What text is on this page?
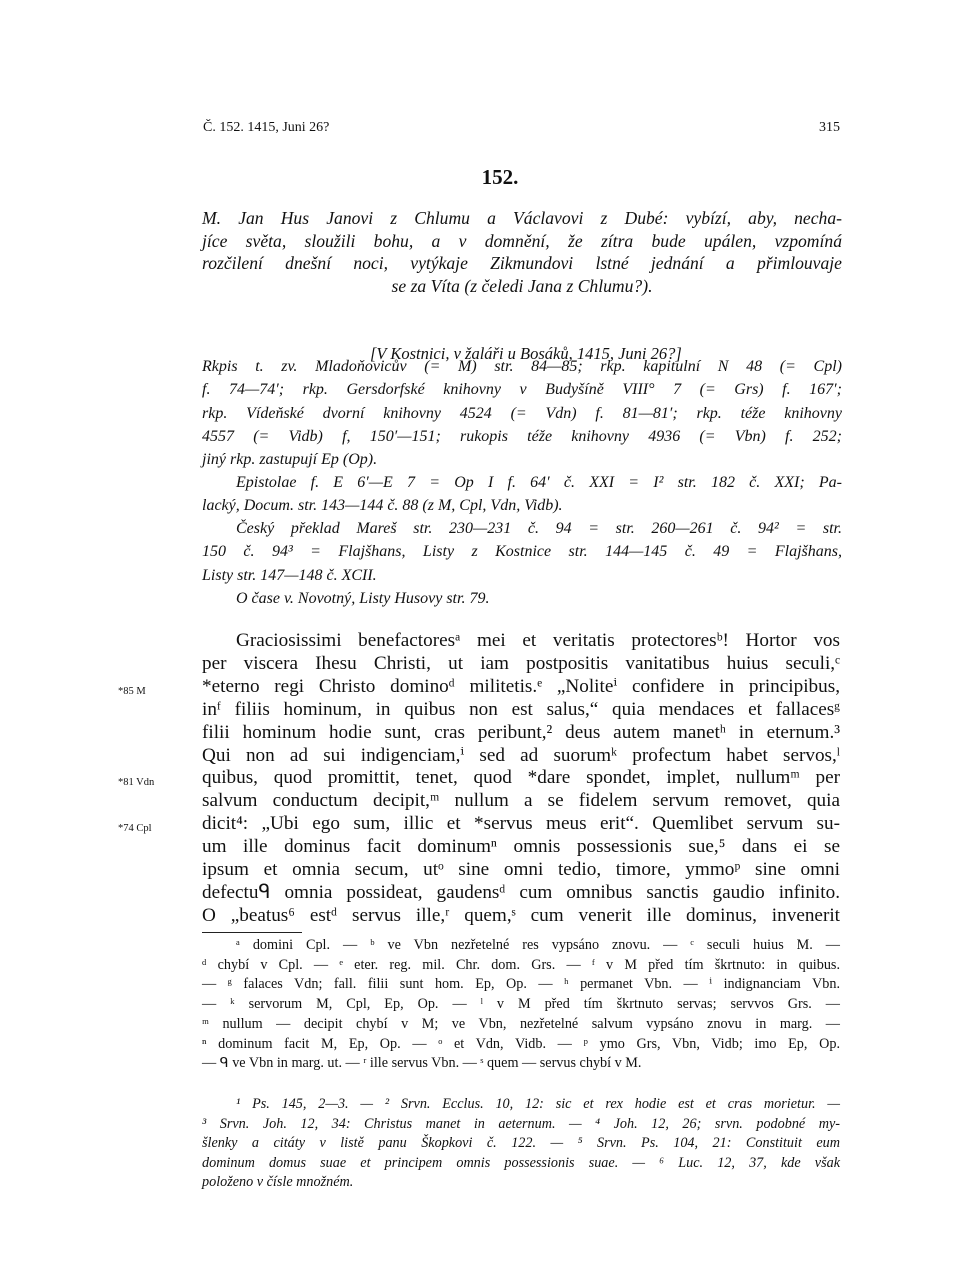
Č. 152. 1415, Juni 26?	315
152.
M. Jan Hus Janovi z Chlumu a Václavovi z Dubé: vybízí, aby, necha-
jíce světa, sloužili bohu, a v domnění, že zítra bude upálen, vzpomíná
rozčilení dnešní noci, vytýkaje Zikmundovi lstné jednání a přimlouvaje
se za Víta (z čeledi Jana z Chlumu?).
[V Kostnici, v žaláři u Bosáků, 1415, Juni 26?]
Rkpis t. zv. Mladoňovicův (= M) str. 84—85; rkp. kapitulní N 48 (= Cpl)
f. 74—74′; rkp. Gersdorfské knihovny v Budyšíně VIII° 7 (= Grs) f. 167′;
rkp. Vídeňské dvorní knihovny 4524 (= Vdn) f. 81—81′; rkp. téže knihovny
4557 (= Vidb) f, 150′—151; rukopis téže knihovny 4936 (= Vbn) f. 252;
jiný rkp. zastupují Ep (Op).
Epistolae f. E 6′—E 7 = Op I f. 64′ č. XXI = I² str. 182 č. XXI; Pa-
lacký, Docum. str. 143—144 č. 88 (z M, Cpl, Vdn, Vidb).
Český překlad Mareš str. 230—231 č. 94 = str. 260—261 č. 94² = str.
150 č. 94³ = Flajšhans, Listy z Kostnice str. 144—145 č. 49 = Flajšhans,
Listy str. 147—148 č. XCII.
O čase v. Novotný, Listy Husovy str. 79.
*85 M
*81 Vdn
*74 Cpl
Graciosissimi benefactoresᵃ mei et veritatis protectoresᵇ! Hortor vos
per viscera Ihesu Christi, ut iam postpositis vanitatibus huius seculi,ᶜ
*eterno regi Christo dominoᵈ militetis.ᵉ „Noliteⁱ confidere in principibus,
inᶠ filiis hominum, in quibus non est salus,“ quia mendaces et fallacesᵍ
filii hominum hodie sunt, cras peribunt,² deus autem manetʰ in eternum.³
Qui non ad sui indigenciam,ⁱ sed ad suorumᵏ profectum habet servos,ˡ
quibus, quod promittit, tenet, quod *dare spondet, implet, nullumᵐ per
salvum conductum decipit,ᵐ nullum a se fidelem servum removet, quia
dicit⁴: „Ubi ego sum, illic et *servus meus erit“. Quemlibet servum su-
um ille dominus facit dominumⁿ omnis possessionis sue,⁵ dans ei se
ipsum et omnia secum, utᵒ sine omni tedio, timore, ymmoᵖ sine omni
defectuᑫ omnia possideat, gaudensᵈ cum omnibus sanctis gaudio infinito.
O „beatus⁶ estᵈ servus ille,ʳ quem,ˢ cum venerit ille dominus, invenerit
ᵃ domini Cpl. — ᵇ ve Vbn nezřetelné res vypsáno znovu. — ᶜ seculi huius M. —
ᵈ chybí v Cpl. — ᵉ eter. reg. mil. Chr. dom. Grs. — ᶠ v M před tím škrtnuto: in quibus.
— ᵍ falaces Vdn; fall. filii sunt hom. Ep, Op. — ʰ permanet Vbn. — ⁱ indignanciam Vbn.
— ᵏ servorum M, Cpl, Ep, Op. — ˡ v M před tím škrtnuto servas; servvos Grs. —
ᵐ nullum — decipit chybí v M; ve Vbn, nezřetelné salvum vypsáno znovu in marg. —
ⁿ dominum facit M, Ep, Op. — ᵒ et Vdn, Vidb. — ᵖ ymo Grs, Vbn, Vidb; imo Ep, Op.
— ᑫ ve Vbn in marg. ut. — ʳ ille servus Vbn. — ˢ quem — servus chybí v M.
¹ Ps. 145, 2—3. — ² Srvn. Ecclus. 10, 12: sic et rex hodie est et cras morietur. —
³ Srvn. Joh. 12, 34: Christus manet in aeternum. — ⁴ Joh. 12, 26; srvn. podobné my-
šlenky a citáty v listě panu Škopkovi č. 122. — ⁵ Srvn. Ps. 104, 21: Constituit eum
dominum domus suae et principem omnis possessionis suae. — ⁶ Luc. 12, 37, kde však
položeno v čísle množném.
